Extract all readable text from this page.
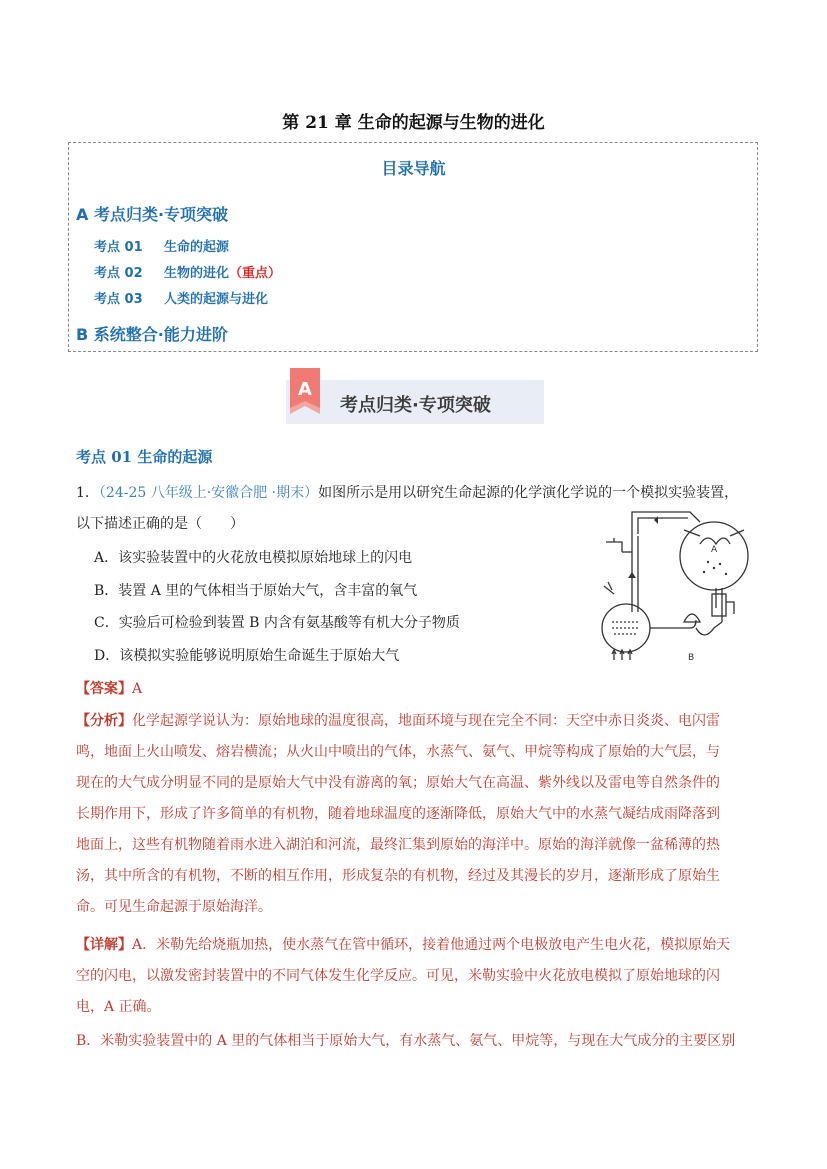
第 21 章 生命的起源与生物的进化
目录导航
A 考点归类·专项突破
考点 01 生命的起源
考点 02 生物的进化（重点）
考点 03 人类的起源与进化
B 系统整合·能力进阶
A
考点归类·专项突破
考点 01 生命的起源
1．（24-25 八年级上·安徽合肥 ·期末）如图所示是用以研究生命起源的化学演化学说的一个模拟实验装置，
以下描述正确的是（　　）
A．该实验装置中的火花放电模拟原始地球上的闪电
B．装置 A 里的气体相当于原始大气，含丰富的氧气
C．实验后可检验到装置 B 内含有氨基酸等有机大分子物质
D．该模拟实验能够说明原始生命诞生于原始大气
A
B
【答案】A
【分析】化学起源学说认为：原始地球的温度很高，地面环境与现在完全不同：天空中赤日炎炎、电闪雷
鸣，地面上火山喷发、熔岩横流；从火山中喷出的气体，水蒸气、氨气、甲烷等构成了原始的大气层，与
现在的大气成分明显不同的是原始大气中没有游离的氧；原始大气在高温、紫外线以及雷电等自然条件的
长期作用下，形成了许多简单的有机物，随着地球温度的逐渐降低，原始大气中的水蒸气凝结成雨降落到
地面上，这些有机物随着雨水进入湖泊和河流，最终汇集到原始的海洋中。原始的海洋就像一盆稀薄的热
汤，其中所含的有机物，不断的相互作用，形成复杂的有机物，经过及其漫长的岁月，逐渐形成了原始生
命。可见生命起源于原始海洋。
【详解】A．米勒先给烧瓶加热，使水蒸气在管中循环，接着他通过两个电极放电产生电火花，模拟原始天
空的闪电，以激发密封装置中的不同气体发生化学反应。可见，米勒实验中火花放电模拟了原始地球的闪
电，A 正确。
B．米勒实验装置中的 A 里的气体相当于原始大气，有水蒸气、氨气、甲烷等，与现在大气成分的主要区别
